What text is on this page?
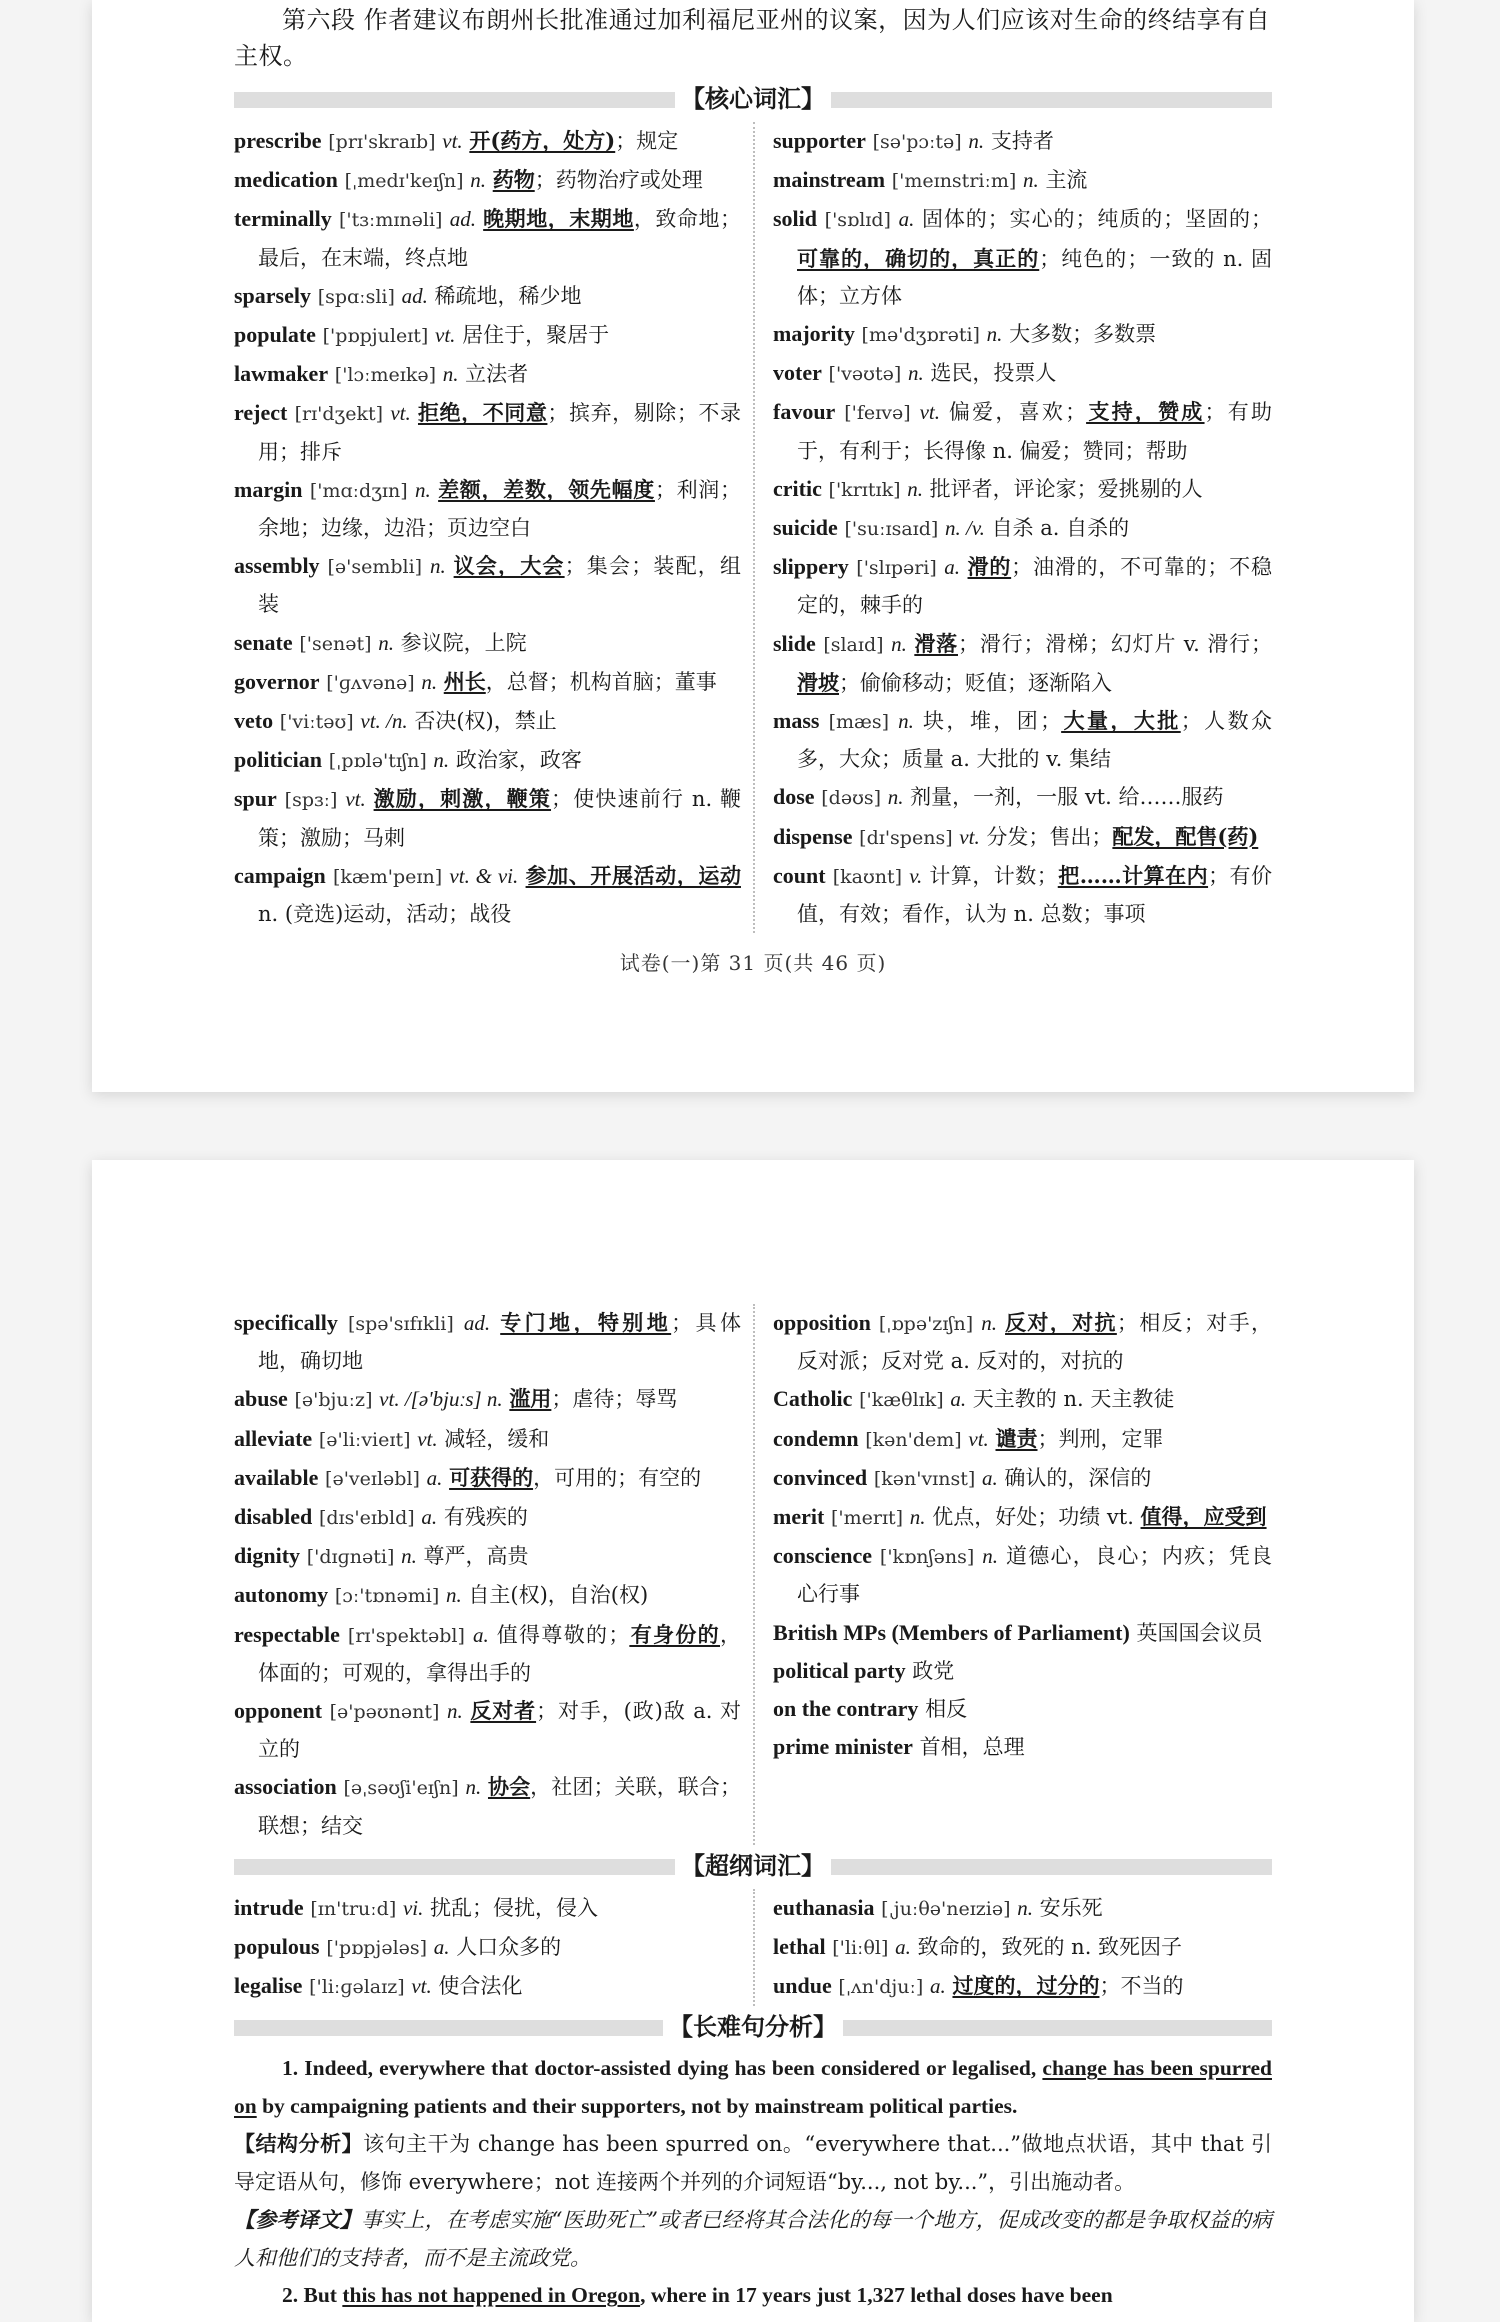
第六段 作者建议布朗州长批准通过加利福尼亚州的议案，因为人们应该对生命的终结享有自主权。

【核心词汇】
prescribe [prɪ'skraɪb] vt. 开(药方，处方)；规定
medication [ˌmedɪ'keɪʃn] n. 药物；药物治疗或处理
terminally ['tɜːmɪnəli] ad. 晚期地，末期地，致命地；最后，在末端，终点地
sparsely [spɑːsli] ad. 稀疏地，稀少地
populate ['pɒpjuleɪt] vt. 居住于，聚居于
lawmaker ['lɔːmeɪkə] n. 立法者
reject [rɪ'dʒekt] vt. 拒绝，不同意；摈弃，剔除；不录用；排斥
margin ['mɑːdʒɪn] n. 差额，差数，领先幅度；利润；余地；边缘，边沿；页边空白
assembly [ə'sembli] n. 议会，大会；集会；装配，组装
senate ['senət] n. 参议院，上院
governor ['ɡʌvənə] n. 州长，总督；机构首脑；董事
veto ['viːtəʊ] vt. /n. 否决(权)，禁止
politician [ˌpɒlə'tɪʃn] n. 政治家，政客
spur [spɜː] vt. 激励，刺激，鞭策；使快速前行 n. 鞭策；激励；马刺
campaign [kæm'peɪn] vt. & vi. 参加、开展活动，运动 n. (竞选)运动，活动；战役
supporter [sə'pɔːtə] n. 支持者
mainstream ['meɪnstriːm] n. 主流
solid ['sɒlɪd] a. 固体的；实心的；纯质的；坚固的；可靠的，确切的，真正的；纯色的；一致的 n. 固体；立方体
majority [mə'dʒɒrəti] n. 大多数；多数票
voter ['vəʊtə] n. 选民，投票人
favour ['feɪvə] vt. 偏爱，喜欢；支持，赞成；有助于，有利于；长得像 n. 偏爱；赞同；帮助
critic ['krɪtɪk] n. 批评者，评论家；爱挑剔的人
suicide ['suːɪsaɪd] n. /v. 自杀 a. 自杀的
slippery ['slɪpəri] a. 滑的；油滑的，不可靠的；不稳定的，棘手的
slide [slaɪd] n. 滑落；滑行；滑梯；幻灯片 v. 滑行；滑坡；偷偷移动；贬值；逐渐陷入
mass [mæs] n. 块，堆，团；大量，大批；人数众多，大众；质量 a. 大批的 v. 集结
dose [dəʊs] n. 剂量，一剂，一服 vt. 给……服药
dispense [dɪ'spens] vt. 分发；售出；配发，配售(药)
count [kaʊnt] v. 计算，计数；把……计算在内；有价值，有效；看作，认为 n. 总数；事项
试卷(一)第 31 页(共 46 页)
specifically [spə'sɪfɪkli] ad. 专门地，特别地；具体地，确切地
abuse [ə'bjuːz] vt. /[ə'bjuːs] n. 滥用；虐待；辱骂
alleviate [ə'liːvieɪt] vt. 减轻，缓和
available [ə'veɪləbl] a. 可获得的，可用的；有空的
disabled [dɪs'eɪbld] a. 有残疾的
dignity ['dɪɡnəti] n. 尊严，高贵
autonomy [ɔː'tɒnəmi] n. 自主(权)，自治(权)
respectable [rɪ'spektəbl] a. 值得尊敬的；有身份的，体面的；可观的，拿得出手的
opponent [ə'pəʊnənt] n. 反对者；对手，(政)敌 a. 对立的
association [əˌsəʊʃi'eɪʃn] n. 协会，社团；关联，联合；联想；结交
opposition [ˌɒpə'zɪʃn] n. 反对，对抗；相反；对手，反对派；反对党 a. 反对的，对抗的
Catholic ['kæθlɪk] a. 天主教的 n. 天主教徒
condemn [kən'dem] vt. 谴责；判刑，定罪
convinced [kən'vɪnst] a. 确认的，深信的
merit ['merɪt] n. 优点，好处；功绩 vt. 值得，应受到
conscience ['kɒnʃəns] n. 道德心，良心；内疚；凭良心行事
British MPs (Members of Parliament) 英国国会议员
political party 政党
on the contrary 相反
prime minister 首相，总理
【超纲词汇】
intrude [ɪn'truːd] vi. 扰乱；侵扰，侵入
populous ['pɒpjələs] a. 人口众多的
legalise ['liːɡəlaɪz] vt. 使合法化
euthanasia [ˌjuːθə'neɪziə] n. 安乐死
lethal ['liːθl] a. 致命的，致死的 n. 致死因子
undue [ˌʌn'djuː] a. 过度的，过分的；不当的
【长难句分析】

1. Indeed, everywhere that doctor-assisted dying has been considered or legalised, change has been spurred on by campaigning patients and their supporters, not by mainstream political parties.

【结构分析】该句主干为 change has been spurred on。“everywhere that...”做地点状语，其中 that 引导定语从句，修饰 everywhere；not 连接两个并列的介词短语“by..., not by...”，引出施动者。

【参考译文】事实上，在考虑实施“医助死亡”或者已经将其合法化的每一个地方，促成改变的都是争取权益的病人和他们的支持者，而不是主流政党。

2. But this has not happened in Oregon, where in 17 years just 1,327 lethal doses have been
